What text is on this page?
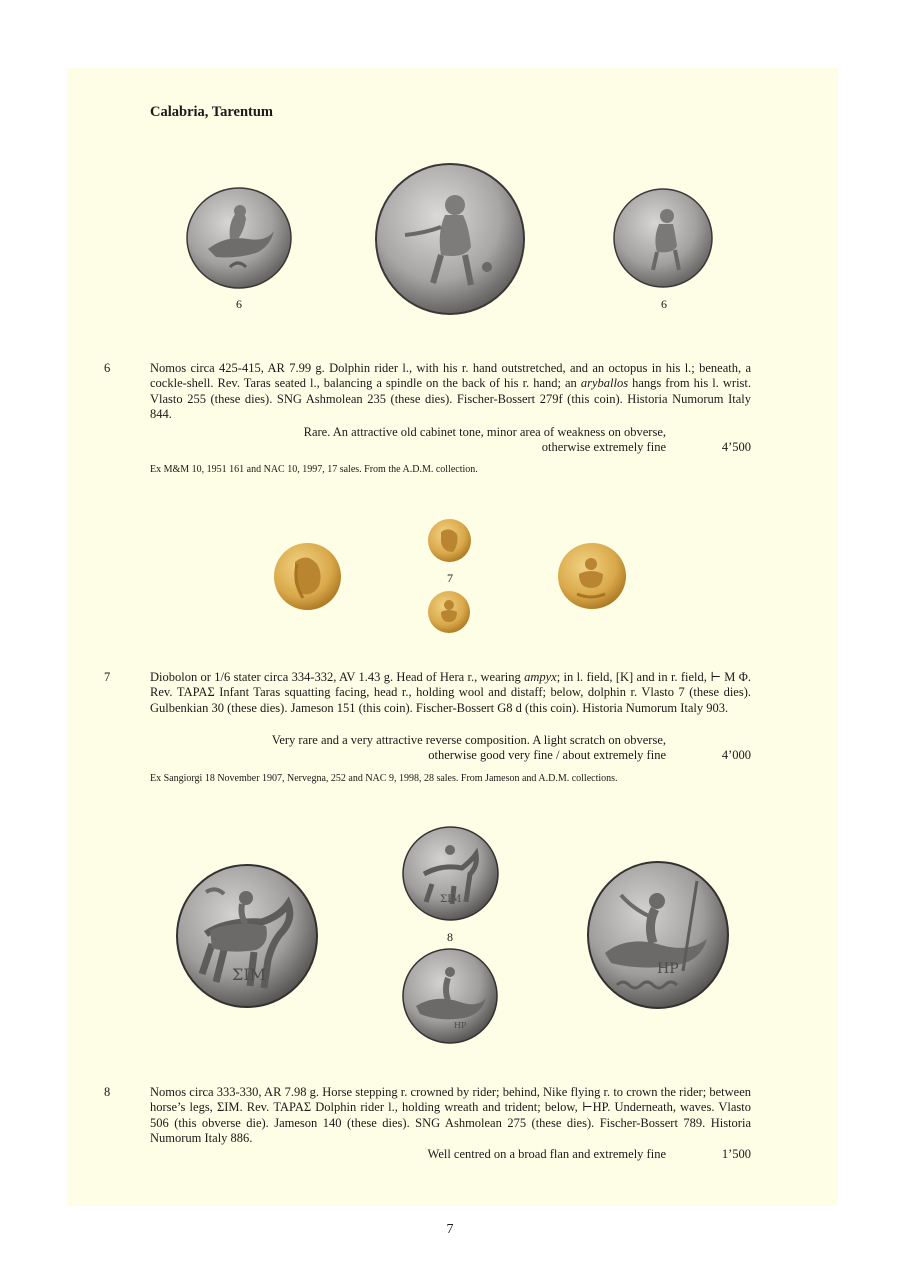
Calabria, Tarentum
6	6
6	Nomos circa 425-415, AR 7.99 g. Dolphin rider l., with his r. hand outstretched, and an octopus in his l.; beneath, a cockle-shell. Rev. Taras seated l., balancing a spindle on the back of his r. hand; an aryballos hangs from his l. wrist. Vlasto 255 (these dies). SNG Ashmolean 235 (these dies). Fischer-Bossert 279f (this coin). Historia Numorum Italy 844.
Rare. An attractive old cabinet tone, minor area of weakness on obverse,
otherwise extremely fine	4’500
Ex M&M 10, 1951 161 and NAC 10, 1997, 17 sales. From the A.D.M. collection.
7
7	Diobolon or 1/6 stater circa 334-332, AV 1.43 g. Head of Hera r., wearing ampyx; in l. field, [K] and in r. field, ⊢ Μ Φ. Rev. ΤΑΡΑΣ Infant Taras squatting facing, head r., holding wool and distaff; below, dolphin r. Vlasto 7 (these dies). Gulbenkian 30 (these dies). Jameson 151 (this coin). Fischer-Bossert G8 d (this coin). Historia Numorum Italy 903.
Very rare and a very attractive reverse composition. A light scratch on obverse,
otherwise good very fine / about extremely fine	4’000
Ex Sangiorgi 18 November 1907, Nervegna, 252 and NAC 9, 1998, 28 sales. From Jameson and A.D.M. collections.
ΣΙΜ
ΣΙΜ
8
ΗΡ
ΗΡ
8	Nomos circa 333-330, AR 7.98 g. Horse stepping r. crowned by rider; behind, Nike flying r. to crown the rider; between horse’s legs, ΣΙΜ. Rev. ΤΑΡΑΣ Dolphin rider l., holding wreath and trident; below, ⊢ΗΡ. Underneath, waves. Vlasto 506 (this obverse die). Jameson 140 (these dies). SNG Ashmolean 275 (these dies). Fischer-Bossert 789. Historia Numorum Italy 886.
Well centred on a broad flan and extremely fine	1’500
7
